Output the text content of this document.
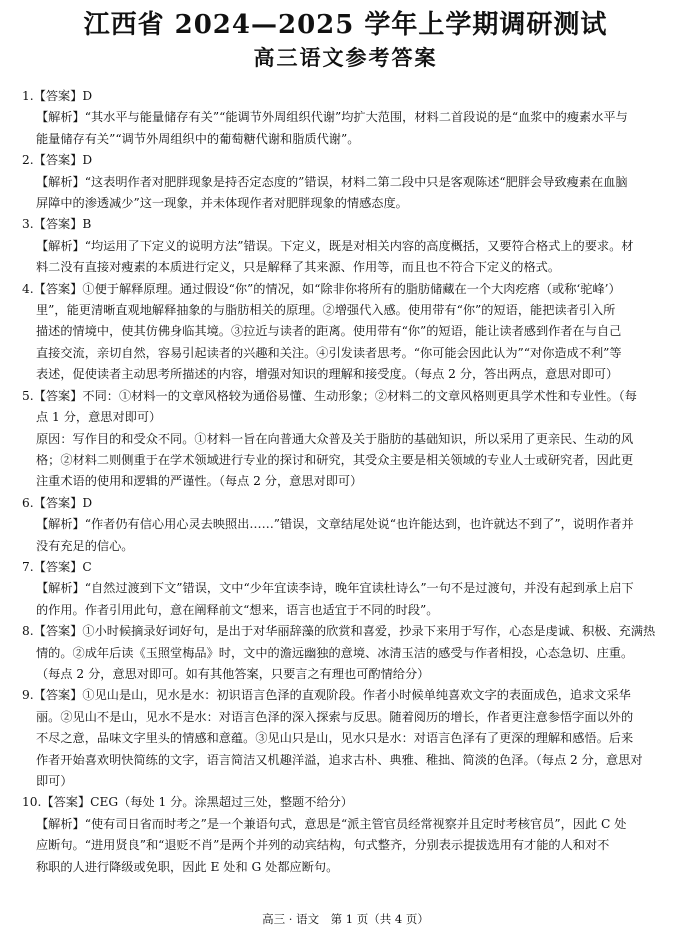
江西省 2024—2025 学年上学期调研测试
高三语文参考答案
1.【答案】D
【解析】“其水平与能量储存有关”“能调节外周组织代谢”均扩大范围，材料二首段说的是“血浆中的瘦素水平与
能量储存有关”“调节外周组织中的葡萄糖代谢和脂质代谢”。
2.【答案】D
【解析】“这表明作者对肥胖现象是持否定态度的”错误，材料二第二段中只是客观陈述“肥胖会导致瘦素在血脑
屏障中的渗透减少”这一现象，并未体现作者对肥胖现象的情感态度。
3.【答案】B
【解析】“均运用了下定义的说明方法”错误。下定义，既是对相关内容的高度概括，又要符合格式上的要求。材
料二没有直接对瘦素的本质进行定义，只是解释了其来源、作用等，而且也不符合下定义的格式。
4.【答案】①便于解释原理。通过假设“你”的情况，如“除非你将所有的脂肪储藏在一个大肉疙瘩（或称‘驼峰’）
里”，能更清晰直观地解释抽象的与脂肪相关的原理。②增强代入感。使用带有“你”的短语，能把读者引入所
描述的情境中，使其仿佛身临其境。③拉近与读者的距离。使用带有“你”的短语，能让读者感到作者在与自己
直接交流，亲切自然，容易引起读者的兴趣和关注。④引发读者思考。“你可能会因此认为”“对你造成不利”等
表述，促使读者主动思考所描述的内容，增强对知识的理解和接受度。（每点 2 分，答出两点，意思对即可）
5.【答案】不同：①材料一的文章风格较为通俗易懂、生动形象；②材料二的文章风格则更具学术性和专业性。（每
点 1 分，意思对即可）
原因：写作目的和受众不同。①材料一旨在向普通大众普及关于脂肪的基础知识，所以采用了更亲民、生动的风
格；②材料二则侧重于在学术领域进行专业的探讨和研究，其受众主要是相关领域的专业人士或研究者，因此更
注重术语的使用和逻辑的严谨性。（每点 2 分，意思对即可）
6.【答案】D
【解析】“作者仍有信心用心灵去映照出……”错误，文章结尾处说“也许能达到，也许就达不到了”，说明作者并
没有充足的信心。
7.【答案】C
【解析】“自然过渡到下文”错误，文中“少年宜读李诗，晚年宜读杜诗么”一句不是过渡句，并没有起到承上启下
的作用。作者引用此句，意在阐释前文“想来，语言也适宜于不同的时段”。
8.【答案】①小时候摘录好词好句，是出于对华丽辞藻的欣赏和喜爱，抄录下来用于写作，心态是虔诚、积极、充满热
情的。②成年后读《玉照堂梅品》时，文中的澹远幽独的意境、冰清玉洁的感受与作者相投，心态急切、庄重。
（每点 2 分，意思对即可。如有其他答案，只要言之有理也可酌情给分）
9.【答案】①见山是山，见水是水：初识语言色泽的直观阶段。作者小时候单纯喜欢文字的表面成色，追求文采华
丽。②见山不是山，见水不是水：对语言色泽的深入探索与反思。随着阅历的增长，作者更注意参悟字面以外的
不尽之意，品味文字里头的情感和意蕴。③见山只是山，见水只是水：对语言色泽有了更深的理解和感悟。后来
作者开始喜欢明快简练的文字，语言简洁又机趣洋溢，追求古朴、典雅、稚拙、简淡的色泽。（每点 2 分，意思对
即可）
10.【答案】CEG（每处 1 分。涂黑超过三处，整题不给分）
【解析】“使有司日省而时考之”是一个兼语句式，意思是“派主管官员经常视察并且定时考核官员”，因此 C 处
应断句。“进用贤良”和“退贬不肖”是两个并列的动宾结构，句式整齐，分别表示提拔选用有才能的人和对不
称职的人进行降级或免职，因此 E 处和 G 处都应断句。
高三 · 语文　第 1 页（共 4 页）
